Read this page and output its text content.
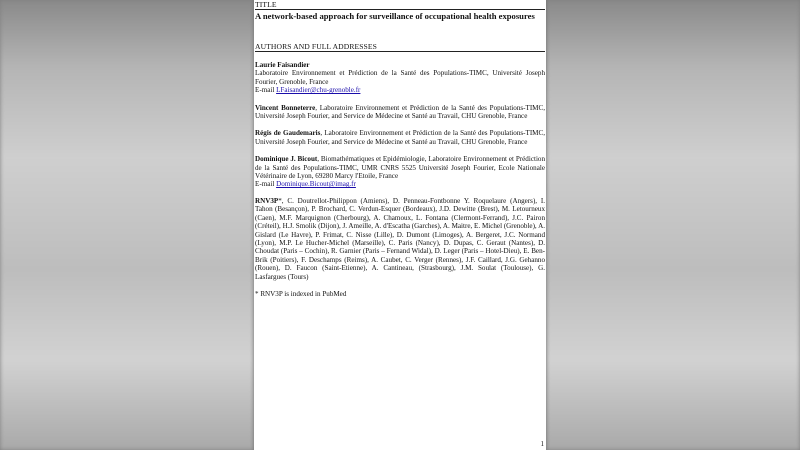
TITLE
A network-based approach for surveillance of occupational health exposures
AUTHORS AND FULL ADDRESSES
Laurie Faisandier
Laboratoire Environnement et Prédiction de la Santé des Populations-TIMC, Université Joseph Fourier, Grenoble, France
E-mail LFaisandier@chu-grenoble.fr
Vincent Bonneterre, Laboratoire Environnement et Prédiction de la Santé des Populations-TIMC, Université Joseph Fourier, and Service de Médecine et Santé au Travail, CHU Grenoble, France
Régis de Gaudemaris, Laboratoire Environnement et Prédiction de la Santé des Populations-TIMC, Université Joseph Fourier, and Service de Médecine et Santé au Travail, CHU Grenoble, France
Dominique J. Bicout, Biomathématiques et Epidémiologie, Laboratoire Environnement et Prédiction de la Santé des Populations-TIMC, UMR CNRS 5525 Université Joseph Fourier, Ecole Nationale Vétérinaire de Lyon, 69280 Marcy l'Etoile, France
E-mail Dominique.Bicout@imag.fr
RNV3P*, C. Doutrellot-Philippon (Amiens), D. Penneau-Fontbonne Y. Roquelaure (Angers), I. Tahon (Besançon), P. Brochard, C. Verdun-Esquer (Bordeaux), J.D. Dewitte (Brest), M. Letourneux (Caen), M.F. Marquignon (Cherbourg), A. Chamoux, L. Fontana (Clermont-Ferrand), J.C. Pairon (Créteil), H.J. Smolik (Dijon), J. Ameille, A. d'Escatha (Garches), A. Maitre, E. Michel (Grenoble), A. Gislard (Le Havre), P. Frimat, C. Nisse (Lille), D. Dumont (Limoges), A. Bergeret, J.C. Normand (Lyon), M.P. Le Hucher-Michel (Marseille), C. Paris (Nancy), D. Dupas, C. Geraut (Nantes), D. Choudat (Paris – Cochin), R. Garnier (Paris – Fernand Widal), D. Leger (Paris – Hotel-Dieu), E. Ben-Brik (Poitiers), F. Deschamps (Reims), A. Caubet, C. Verger (Rennes), J.F. Caillard, J.G. Gehanno (Rouen), D. Faucon (Saint-Etienne), A. Cantineau, (Strasbourg), J.M. Soulat (Toulouse), G. Lasfargues (Tours)
* RNV3P is indexed in PubMed
1
